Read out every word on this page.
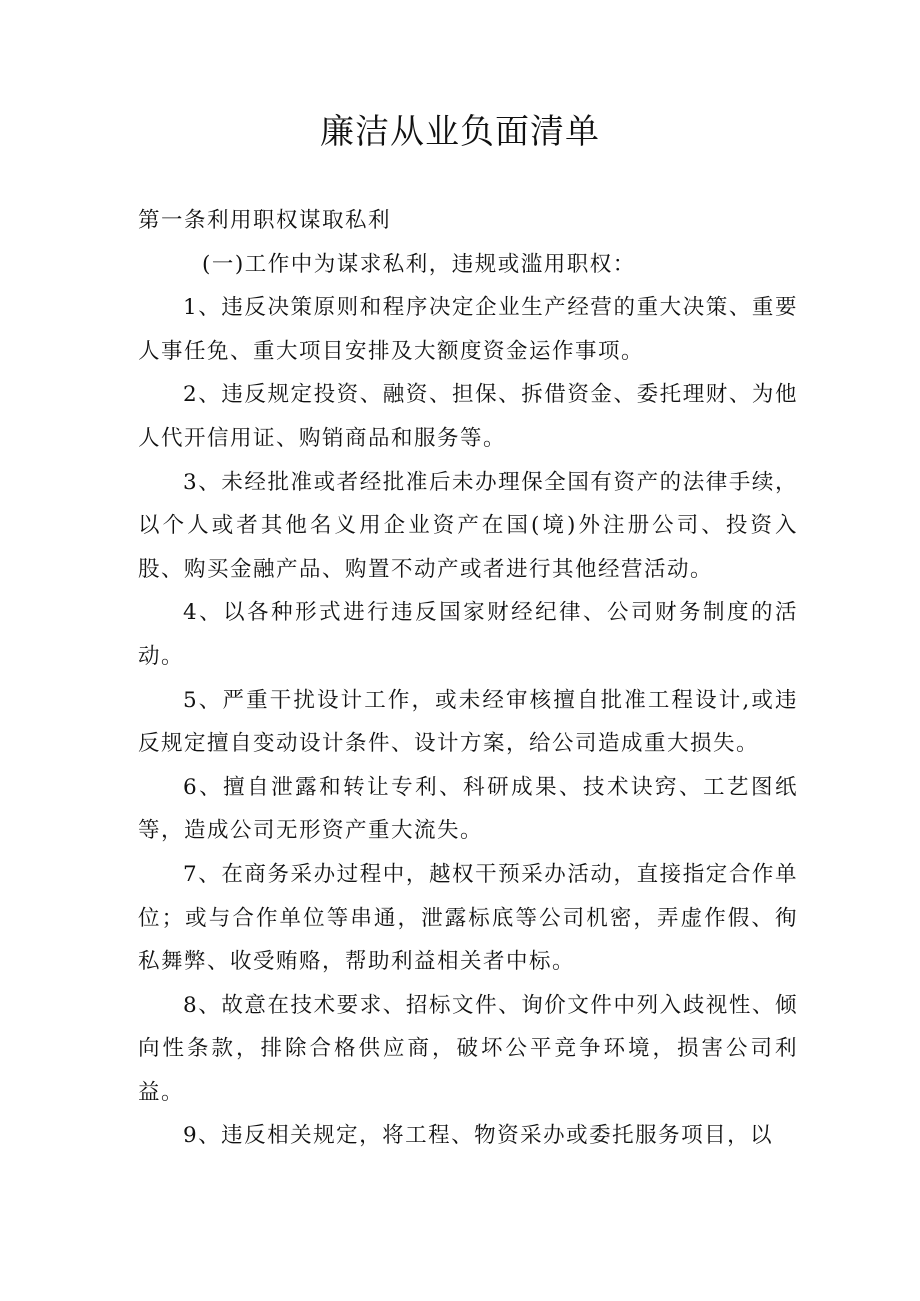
廉洁从业负面清单

第一条利用职权谋取私利

(一)工作中为谋求私利，违规或滥用职权：

1、违反决策原则和程序决定企业生产经营的重大决策、重要人事任免、重大项目安排及大额度资金运作事项。

2、违反规定投资、融资、担保、拆借资金、委托理财、为他人代开信用证、购销商品和服务等。

3、未经批准或者经批准后未办理保全国有资产的法律手续，以个人或者其他名义用企业资产在国(境)外注册公司、投资入股、购买金融产品、购置不动产或者进行其他经营活动。

4、以各种形式进行违反国家财经纪律、公司财务制度的活动。

5、严重干扰设计工作，或未经审核擅自批准工程设计,或违反规定擅自变动设计条件、设计方案，给公司造成重大损失。

6、擅自泄露和转让专利、科研成果、技术诀窍、工艺图纸等，造成公司无形资产重大流失。

7、在商务采办过程中，越权干预采办活动，直接指定合作单位；或与合作单位等串通，泄露标底等公司机密，弄虚作假、徇私舞弊、收受贿赂，帮助利益相关者中标。

8、故意在技术要求、招标文件、询价文件中列入歧视性、倾向性条款，排除合格供应商，破坏公平竞争环境，损害公司利益。

9、违反相关规定，将工程、物资采办或委托服务项目，以
